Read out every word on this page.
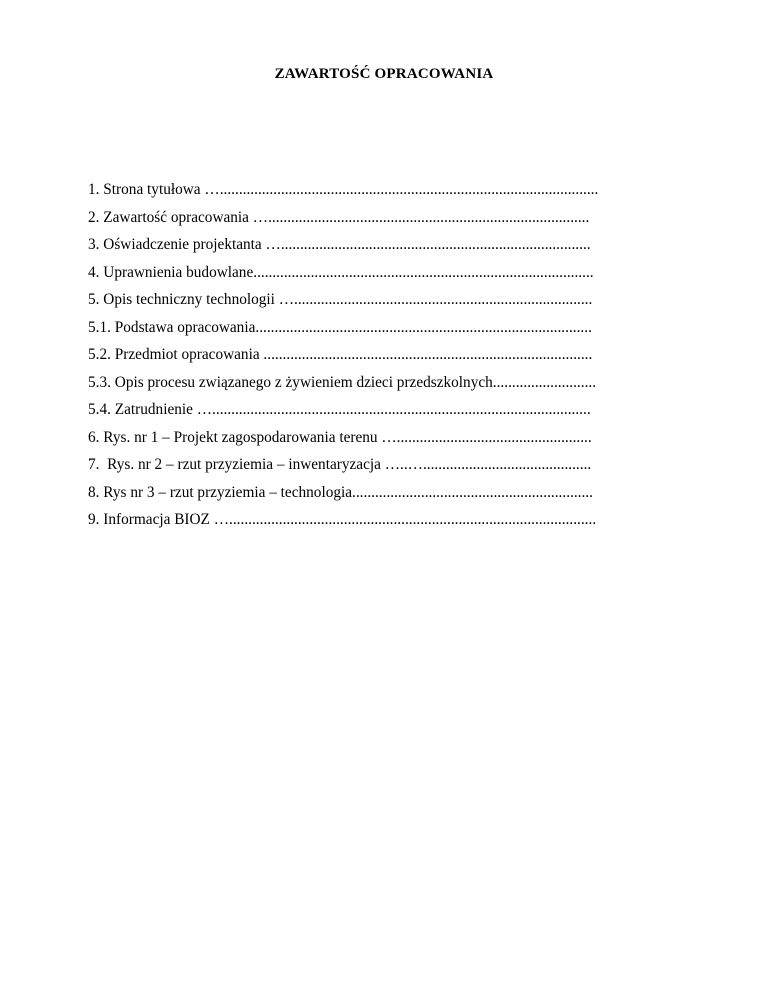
ZAWARTOŚĆ OPRACOWANIA
1. Strona tytułowa …...................................................................................................
2. Zawartość opracowania …....................................................................................
3. Oświadczenie projektanta ….................................................................................
4. Uprawnienia budowlane.........................................................................................
5. Opis techniczny technologii …..............................................................................
5.1. Podstawa opracowania........................................................................................
5.2. Przedmiot opracowania ......................................................................................
5.3. Opis procesu związanego z żywieniem dzieci przedszkolnych...........................
5.4. Zatrudnienie …...................................................................................................
6. Rys. nr 1 – Projekt zagospodarowania terenu …...................................................
7.  Rys. nr 2 – rzut przyziemia – inwentaryzacja …..…............................................
8. Rys nr 3 – rzut przyziemia – technologia...............................................................
9. Informacja BIOZ …................................................................................................
